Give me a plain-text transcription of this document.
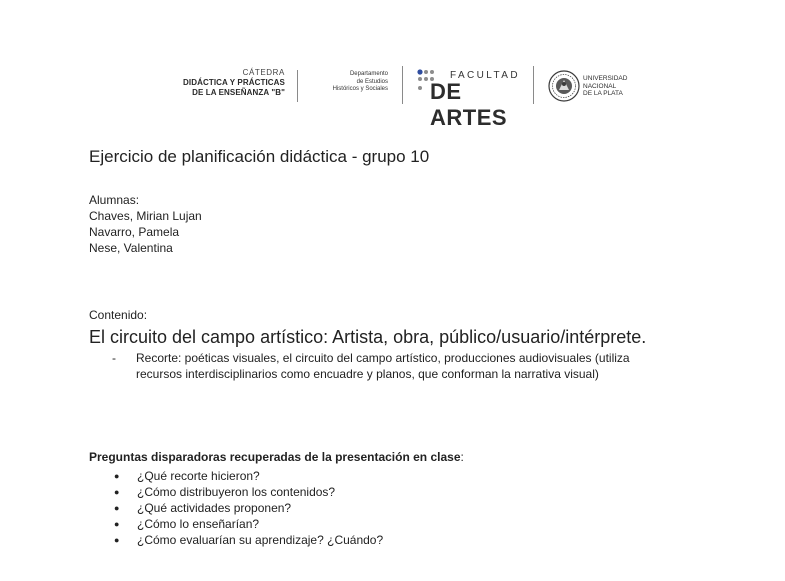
CÁTEDRA
DIDÁCTICA Y PRÁCTICAS
DE LA ENSEÑANZA "B"
Departamento
de Estudios
Históricos y Sociales
FACULTAD
DE ARTES
UNIVERSIDAD
NACIONAL
DE LA PLATA
Ejercicio de planificación didáctica - grupo 10
Alumnas:
Chaves, Mirian Lujan
Navarro, Pamela
Nese, Valentina
Contenido:
El circuito del campo artístico: Artista, obra, público/usuario/intérprete.
- Recorte: poéticas visuales, el circuito del campo artístico, producciones audiovisuales (utiliza recursos interdisciplinarios como encuadre y planos, que conforman la narrativa visual)
Preguntas disparadoras recuperadas de la presentación en clase:
● ¿Qué recorte hicieron?
● ¿Cómo distribuyeron los contenidos?
● ¿Qué actividades proponen?
● ¿Cómo lo enseñarían?
● ¿Cómo evaluarían su aprendizaje? ¿Cuándo?
